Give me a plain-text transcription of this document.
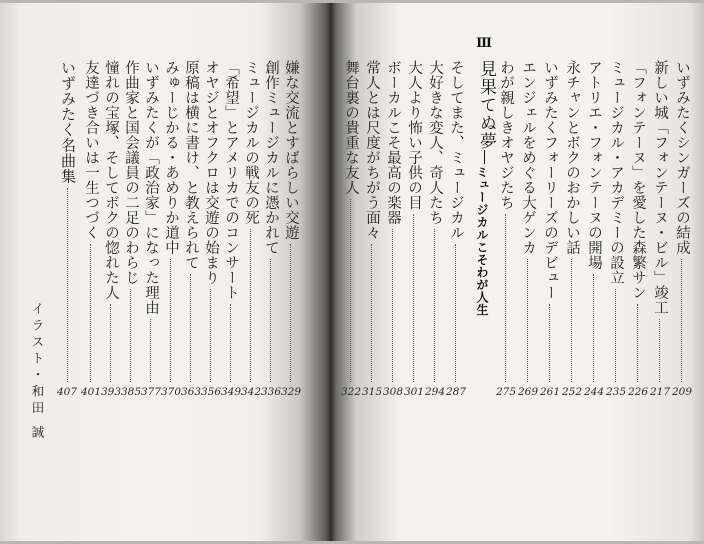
いずみたくシンガーズの結成
209
新しい城「フォンテーヌ・ビル」竣工
217
「フォンテーヌ」を愛した森繁サン
226
ミュージカル・アカデミーの設立
235
アトリエ・フォンテーヌの開場
244
永チャンとボクのおかしい話
252
いずみたくフォーリーズのデビュー
261
エンジェルをめぐる大ゲンカ
269
わが親しきオヤジたち
275
Ⅲ
見果てぬ夢
ミュージカルこそわが人生
そしてまた、ミュージカル
287
大好きな変人、奇人たち
294
大人より怖い子供の目
301
ボーカルこそ最高の楽器
308
常人とは尺度がちがう面々
315
舞台裏の貴重な友人
322
嫌な交流とすばらしい交遊
329
創作ミュージカルに憑かれて
336
ミュージカルの戦友の死
342
「希望」とアメリカでのコンサート
349
オヤジとオフクロは交遊の始まり
356
原稿は横に書け、と教えられて
363
みゅーじかる・あめりか道中
370
いずみたくが「政治家」になった理由
377
作曲家と国会議員の二足のわらじ
385
憧れの宝塚、そしてボクの惚れた人
393
友達づき合いは一生つづく
401
いずみたく名曲集
407
イラスト・和田 誠
